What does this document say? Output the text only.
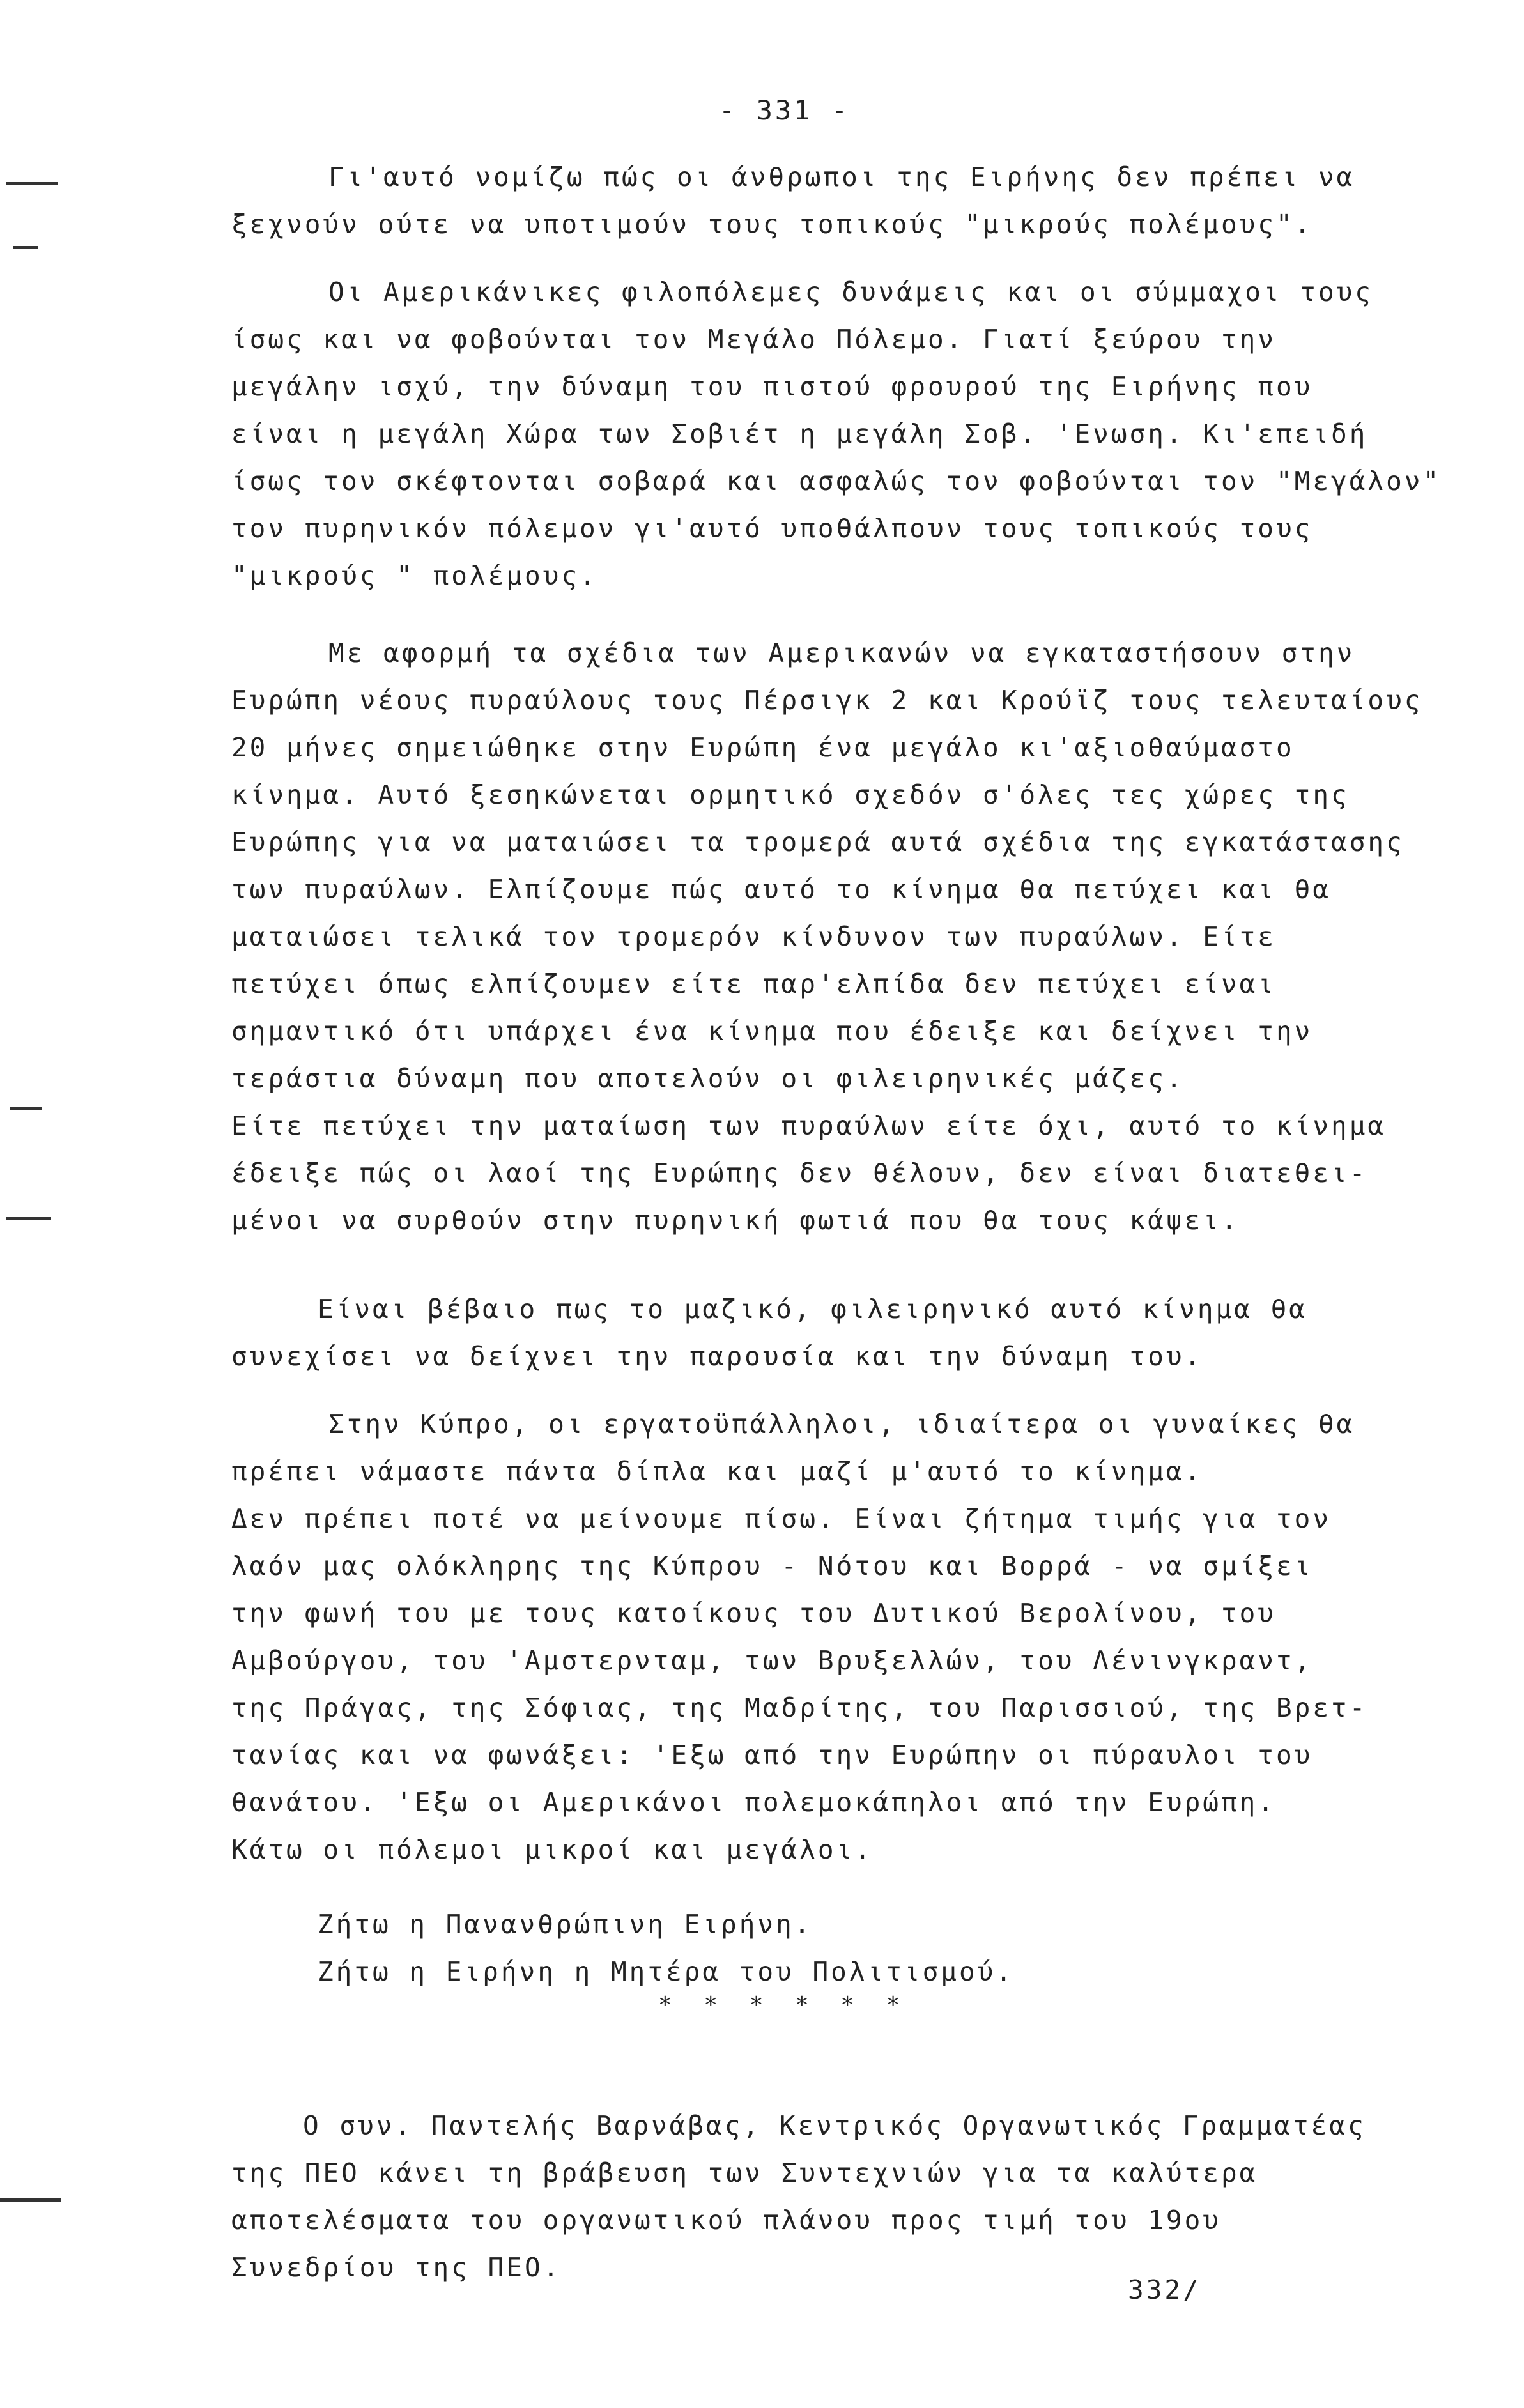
- 331 -
Γι'αυτό νομίζω πώς οι άνθρωποι της Ειρήνης δεν πρέπει να
ξεχνούν ούτε να υποτιμούν τους τοπικούς "μικρούς πολέμους".
Οι Αμερικάνικες φιλοπόλεμες δυνάμεις και οι σύμμαχοι τους
ίσως και να φοβούνται τον Μεγάλο Πόλεμο. Γιατί ξεύρου την
μεγάλην ισχύ, την δύναμη του πιστού φρουρού της Ειρήνης που
είναι η μεγάλη Χώρα των Σοβιέτ η μεγάλη Σοβ. 'Ενωση. Κι'επειδή
ίσως τον σκέφτονται σοβαρά και ασφαλώς τον φοβούνται τον "Μεγάλον"
τον πυρηνικόν πόλεμον γι'αυτό υποθάλπουν τους τοπικούς τους
"μικρούς " πολέμους.
Με αφορμή τα σχέδια των Αμερικανών να εγκαταστήσουν στην
Ευρώπη νέους πυραύλους τους Πέρσιγκ 2 και Κρούϊζ τους τελευταίους
20 μήνες σημειώθηκε στην Ευρώπη ένα μεγάλο κι'αξιοθαύμαστο
κίνημα. Αυτό ξεσηκώνεται ορμητικό σχεδόν σ'όλες τες χώρες της
Ευρώπης για να ματαιώσει τα τρομερά αυτά σχέδια της εγκατάστασης
των πυραύλων. Ελπίζουμε πώς αυτό το κίνημα θα πετύχει και θα
ματαιώσει τελικά τον τρομερόν κίνδυνον των πυραύλων. Είτε
πετύχει όπως ελπίζουμεν είτε παρ'ελπίδα δεν πετύχει είναι
σημαντικό ότι υπάρχει ένα κίνημα που έδειξε και δείχνει την
τεράστια δύναμη που αποτελούν οι φιλειρηνικές μάζες.
Είτε πετύχει την ματαίωση των πυραύλων είτε όχι, αυτό το κίνημα
έδειξε πώς οι λαοί της Ευρώπης δεν θέλουν, δεν είναι διατεθει-
μένοι να συρθούν στην πυρηνική φωτιά που θα τους κάψει.
Είναι βέβαιο πως το μαζικό, φιλειρηνικό αυτό κίνημα θα
συνεχίσει να δείχνει την παρουσία και την δύναμη του.
Στην Κύπρο, οι εργατοϋπάλληλοι, ιδιαίτερα οι γυναίκες θα
πρέπει νάμαστε πάντα δίπλα και μαζί μ'αυτό το κίνημα.
Δεν πρέπει ποτέ να μείνουμε πίσω. Είναι ζήτημα τιμής για τον
λαόν μας ολόκληρης της Κύπρου - Νότου και Βορρά - να σμίξει
την φωνή του με τους κατοίκους του Δυτικού Βερολίνου, του
Αμβούργου, του 'Αμστερνταμ, των Βρυξελλών, του Λένινγκραντ,
της Πράγας, της Σόφιας, της Μαδρίτης, του Παρισσιού, της Βρετ-
τανίας και να φωνάξει: 'Εξω από την Ευρώπην οι πύραυλοι του
θανάτου. 'Εξω οι Αμερικάνοι πολεμοκάπηλοι από την Ευρώπη.
Κάτω οι πόλεμοι μικροί και μεγάλοι.
Ζήτω η Πανανθρώπινη Ειρήνη.
Ζήτω η Ειρήνη η Μητέρα του Πολιτισμού.
* * * * * *
Ο συν. Παντελής Βαρνάβας, Κεντρικός Οργανωτικός Γραμματέας
της ΠΕΟ κάνει τη βράβευση των Συντεχνιών για τα καλύτερα
αποτελέσματα του οργανωτικού πλάνου προς τιμή του 19ου
Συνεδρίου της ΠΕΟ.
332/
